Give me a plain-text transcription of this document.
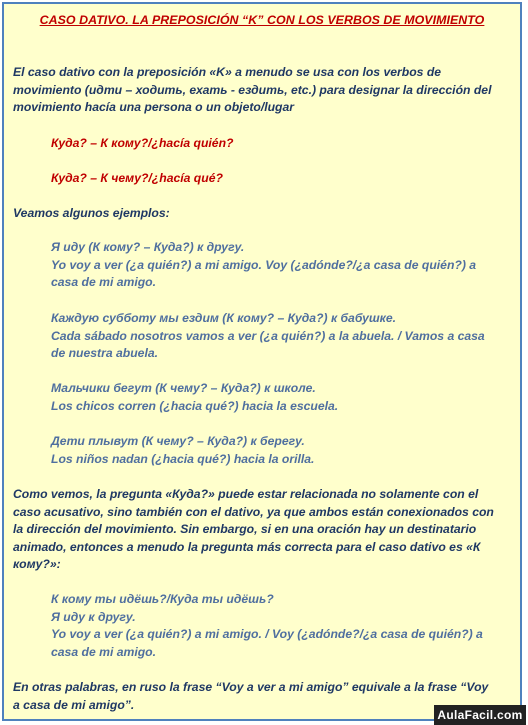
CASO DATIVO. LA PREPOSICIÓN “K” CON LOS VERBOS DE MOVIMIENTO

El caso dativo con la preposición «K» a menudo se usa con los verbos de
movimiento (идти – ходить, ехать - ездить, etc.) para designar la dirección del
movimiento hacía una persona o un objeto/lugar

Куда? – К кому?/¿hacía quién?

Куда? – К чему?/¿hacía qué?

Veamos algunos ejemplos:

Я иду (К кому? – Куда?) к другу.
Yo voy a ver (¿a quién?) a mi amigo. Voy (¿adónde?/¿a casa de quién?) a
casa de mi amigo.

Каждую субботу мы ездим (К кому? – Куда?) к бабушке.
Cada sábado nosotros vamos a ver (¿a quién?) a la abuela. / Vamos a casa
de nuestra abuela.

Мальчики бегут (К чему? – Куда?) к школе.
Los chicos corren (¿hacia qué?) hacia la escuela.

Дети плывут (К чему? – Куда?) к берегу.
Los niños nadan (¿hacia qué?) hacia la orilla.

Como vemos, la pregunta «Куда?» puede estar relacionada no solamente con el
caso acusativo, sino también con el dativo, ya que ambos están conexionados con
la dirección del movimiento. Sin embargo, si en una oración hay un destinatario
animado, entonces a menudo la pregunta más correcta para el caso dativo es «К
кому?»:

К кому ты идёшь?/Куда ты идёшь?
Я иду к другу.
Yo voy a ver (¿a quién?) a mi amigo. / Voy (¿adónde?/¿a casa de quién?) a
casa de mi amigo.

En otras palabras, en ruso la frase “Voy a ver a mi amigo” equivale a la frase “Voy
a casa de mi amigo”.

AulaFacil.com
